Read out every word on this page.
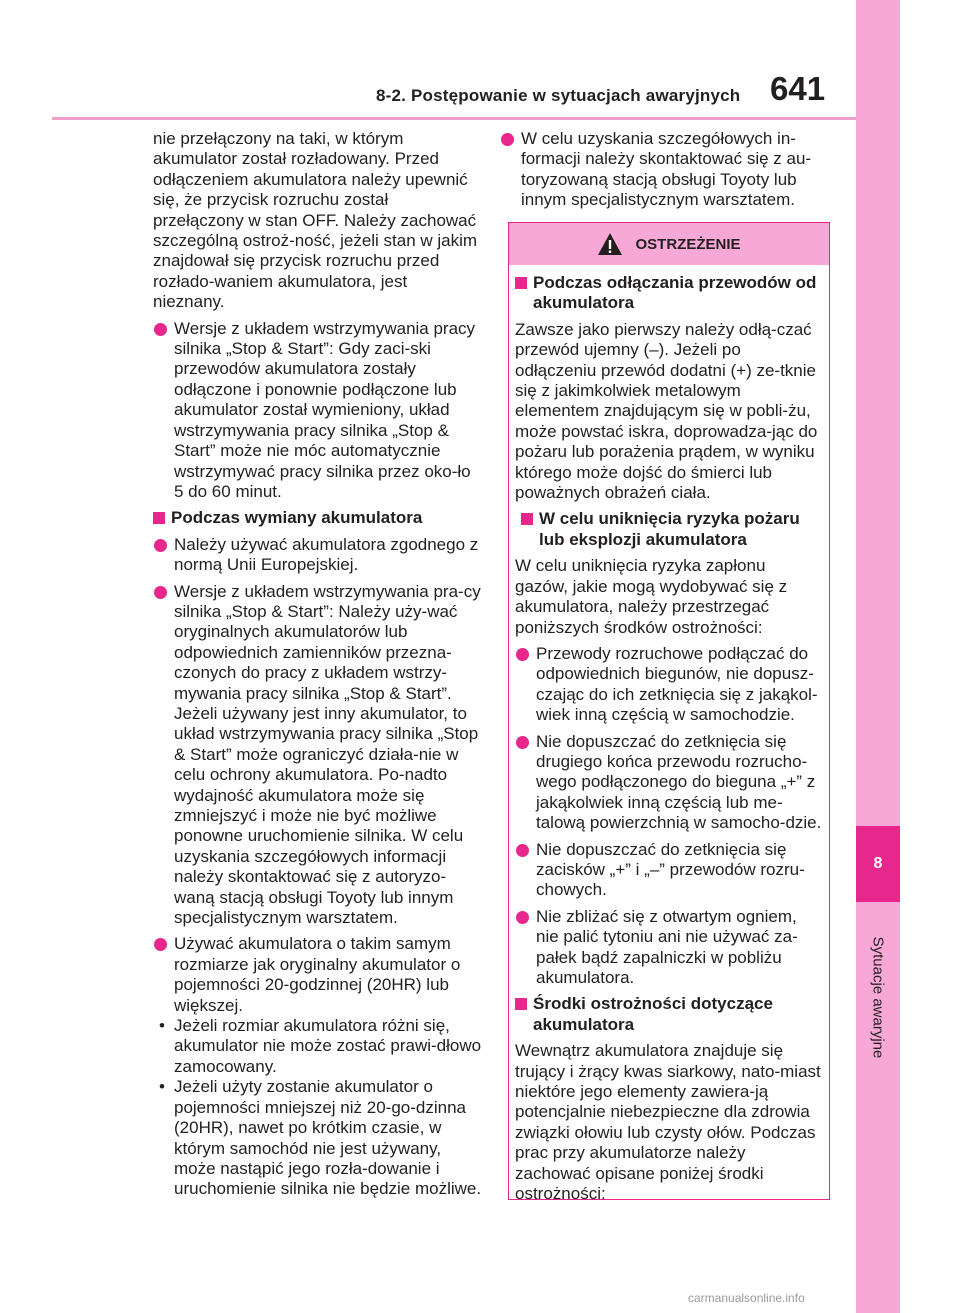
8
Sytuacje awaryjne
8-2. Postępowanie w sytuacjach awaryjnych 641

nie przełączony na taki, w którym akumulator został rozładowany. Przed odłączeniem akumulatora należy upewnić się, że przycisk rozruchu został przełączony w stan OFF. Należy zachować szczególną ostroż-ność, jeżeli stan w jakim znajdował się przycisk rozruchu przed rozłado-waniem akumulatora, jest nieznany.

Wersje z układem wstrzymywania pracy silnika „Stop & Start”: Gdy zaci-ski przewodów akumulatora zostały odłączone i ponownie podłączone lub akumulator został wymieniony, układ wstrzymywania pracy silnika „Stop & Start” może nie móc automatycznie wstrzymywać pracy silnika przez oko-ło 5 do 60 minut.
Podczas wymiany akumulatora
Należy używać akumulatora zgodnego z normą Unii Europejskiej.
Wersje z układem wstrzymywania pra-cy silnika „Stop & Start”: Należy uży-wać oryginalnych akumulatorów lub odpowiednich zamienników przezna-czonych do pracy z układem wstrzy-mywania pracy silnika „Stop & Start”. Jeżeli używany jest inny akumulator, to układ wstrzymywania pracy silnika „Stop & Start” może ograniczyć działa-nie w celu ochrony akumulatora. Po-nadto wydajność akumulatora może się zmniejszyć i może nie być możliwe ponowne uruchomienie silnika. W celu uzyskania szczegółowych informacji należy skontaktować się z autoryzo-waną stacją obsługi Toyoty lub innym specjalistycznym warsztatem.
Używać akumulatora o takim samym rozmiarze jak oryginalny akumulator o pojemności 20-godzinnej (20HR) lub większej.
• Jeżeli rozmiar akumulatora różni się, akumulator nie może zostać prawi-dłowo zamocowany.
• Jeżeli użyty zostanie akumulator o pojemności mniejszej niż 20-go-dzinna (20HR), nawet po krótkim czasie, w którym samochód nie jest używany, może nastąpić jego rozła-dowanie i uruchomienie silnika nie będzie możliwe.
W celu uzyskania szczegółowych in-formacji należy skontaktować się z au-toryzowaną stacją obsługi Toyoty lub innym specjalistycznym warsztatem.
OSTRZEŻENIE
Podczas odłączania przewodów od akumulatora

Zawsze jako pierwszy należy odłą-czać przewód ujemny (–). Jeżeli po odłączeniu przewód dodatni (+) ze-tknie się z jakimkolwiek metalowym elementem znajdującym się w pobli-żu, może powstać iskra, doprowadza-jąc do pożaru lub porażenia prądem, w wyniku którego może dojść do śmierci lub poważnych obrażeń ciała.

W celu uniknięcia ryzyka pożaru lub eksplozji akumulatora

W celu uniknięcia ryzyka zapłonu gazów, jakie mogą wydobywać się z akumulatora, należy przestrzegać poniższych środków ostrożności:

Przewody rozruchowe podłączać do odpowiednich biegunów, nie dopusz-czając do ich zetknięcia się z jakąkol-wiek inną częścią w samochodzie.
Nie dopuszczać do zetknięcia się drugiego końca przewodu rozrucho-wego podłączonego do bieguna „+” z jakąkolwiek inną częścią lub me-talową powierzchnią w samocho-dzie.
Nie dopuszczać do zetknięcia się zacisków „+” i „–” przewodów rozru-chowych.
Nie zbliżać się z otwartym ogniem, nie palić tytoniu ani nie używać za-pałek bądź zapalniczki w pobliżu akumulatora.
Środki ostrożności dotyczące akumulatora

Wewnątrz akumulatora znajduje się trujący i żrący kwas siarkowy, nato-miast niektóre jego elementy zawiera-ją potencjalnie niebezpieczne dla zdrowia związki ołowiu lub czysty ołów. Podczas prac przy akumulatorze należy zachować opisane poniżej środki ostrożności:

carmanualsonline.info
